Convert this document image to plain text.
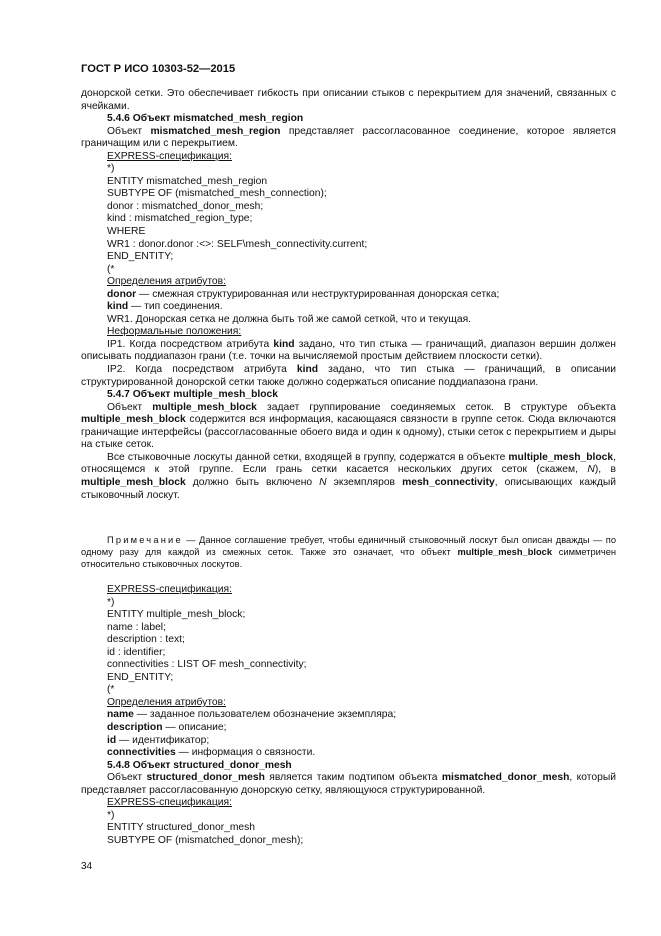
ГОСТ Р ИСО 10303-52—2015
донорской сетки. Это обеспечивает гибкость при описании стыков с перекрытием для значений, связанных с ячейками.
5.4.6 Объект mismatched_mesh_region
Объект mismatched_mesh_region представляет рассогласованное соединение, которое является граничащим или с перекрытием.
EXPRESS-спецификация:
*)
ENTITY mismatched_mesh_region
SUBTYPE OF (mismatched_mesh_connection);
donor : mismatched_donor_mesh;
kind : mismatched_region_type;
WHERE
WR1 : donor.donor :<>: SELF\mesh_connectivity.current;
END_ENTITY;
(*
Определения атрибутов:
donor — смежная структурированная или неструктурированная донорская сетка;
kind — тип соединения.
WR1. Донорская сетка не должна быть той же самой сеткой, что и текущая.
Неформальные положения:
IP1. Когда посредством атрибута kind задано, что тип стыка — граничащий, диапазон вершин должен описывать поддиапазон грани (т.е. точки на вычисляемой простым действием плоскости сетки).
IP2. Когда посредством атрибута kind задано, что тип стыка — граничащий, в описании структурированной донорской сетки также должно содержаться описание поддиапазона грани.
5.4.7 Объект multiple_mesh_block
Объект multiple_mesh_block задает группирование соединяемых сеток. В структуре объекта multiple_mesh_block содержится вся информация, касающаяся связности в группе сеток. Сюда включаются граничащие интерфейсы (рассогласованные обоего вида и один к одному), стыки сеток с перекрытием и дыры на стыке сеток.
Все стыковочные лоскуты данной сетки, входящей в группу, содержатся в объекте multiple_mesh_block, относящемся к этой группе. Если грань сетки касается нескольких других сеток (скажем, N), в multiple_mesh_block должно быть включено N экземпляров mesh_connectivity, описывающих каждый стыковочный лоскут.
Примечание — Данное соглашение требует, чтобы единичный стыковочный лоскут был описан дважды — по одному разу для каждой из смежных сеток. Также это означает, что объект multiple_mesh_block симметричен относительно стыковочных лоскутов.
EXPRESS-спецификация:
*)
ENTITY multiple_mesh_block;
name : label;
description : text;
id : identifier;
connectivities : LIST OF mesh_connectivity;
END_ENTITY;
(*
Определения атрибутов:
name — заданное пользователем обозначение экземпляра;
description — описание;
id — идентификатор;
connectivities — информация о связности.
5.4.8 Объект structured_donor_mesh
Объект structured_donor_mesh является таким подтипом объекта mismatched_donor_mesh, который представляет рассогласованную донорскую сетку, являющуюся структурированной.
EXPRESS-спецификация:
*)
ENTITY structured_donor_mesh
SUBTYPE OF (mismatched_donor_mesh);
34
